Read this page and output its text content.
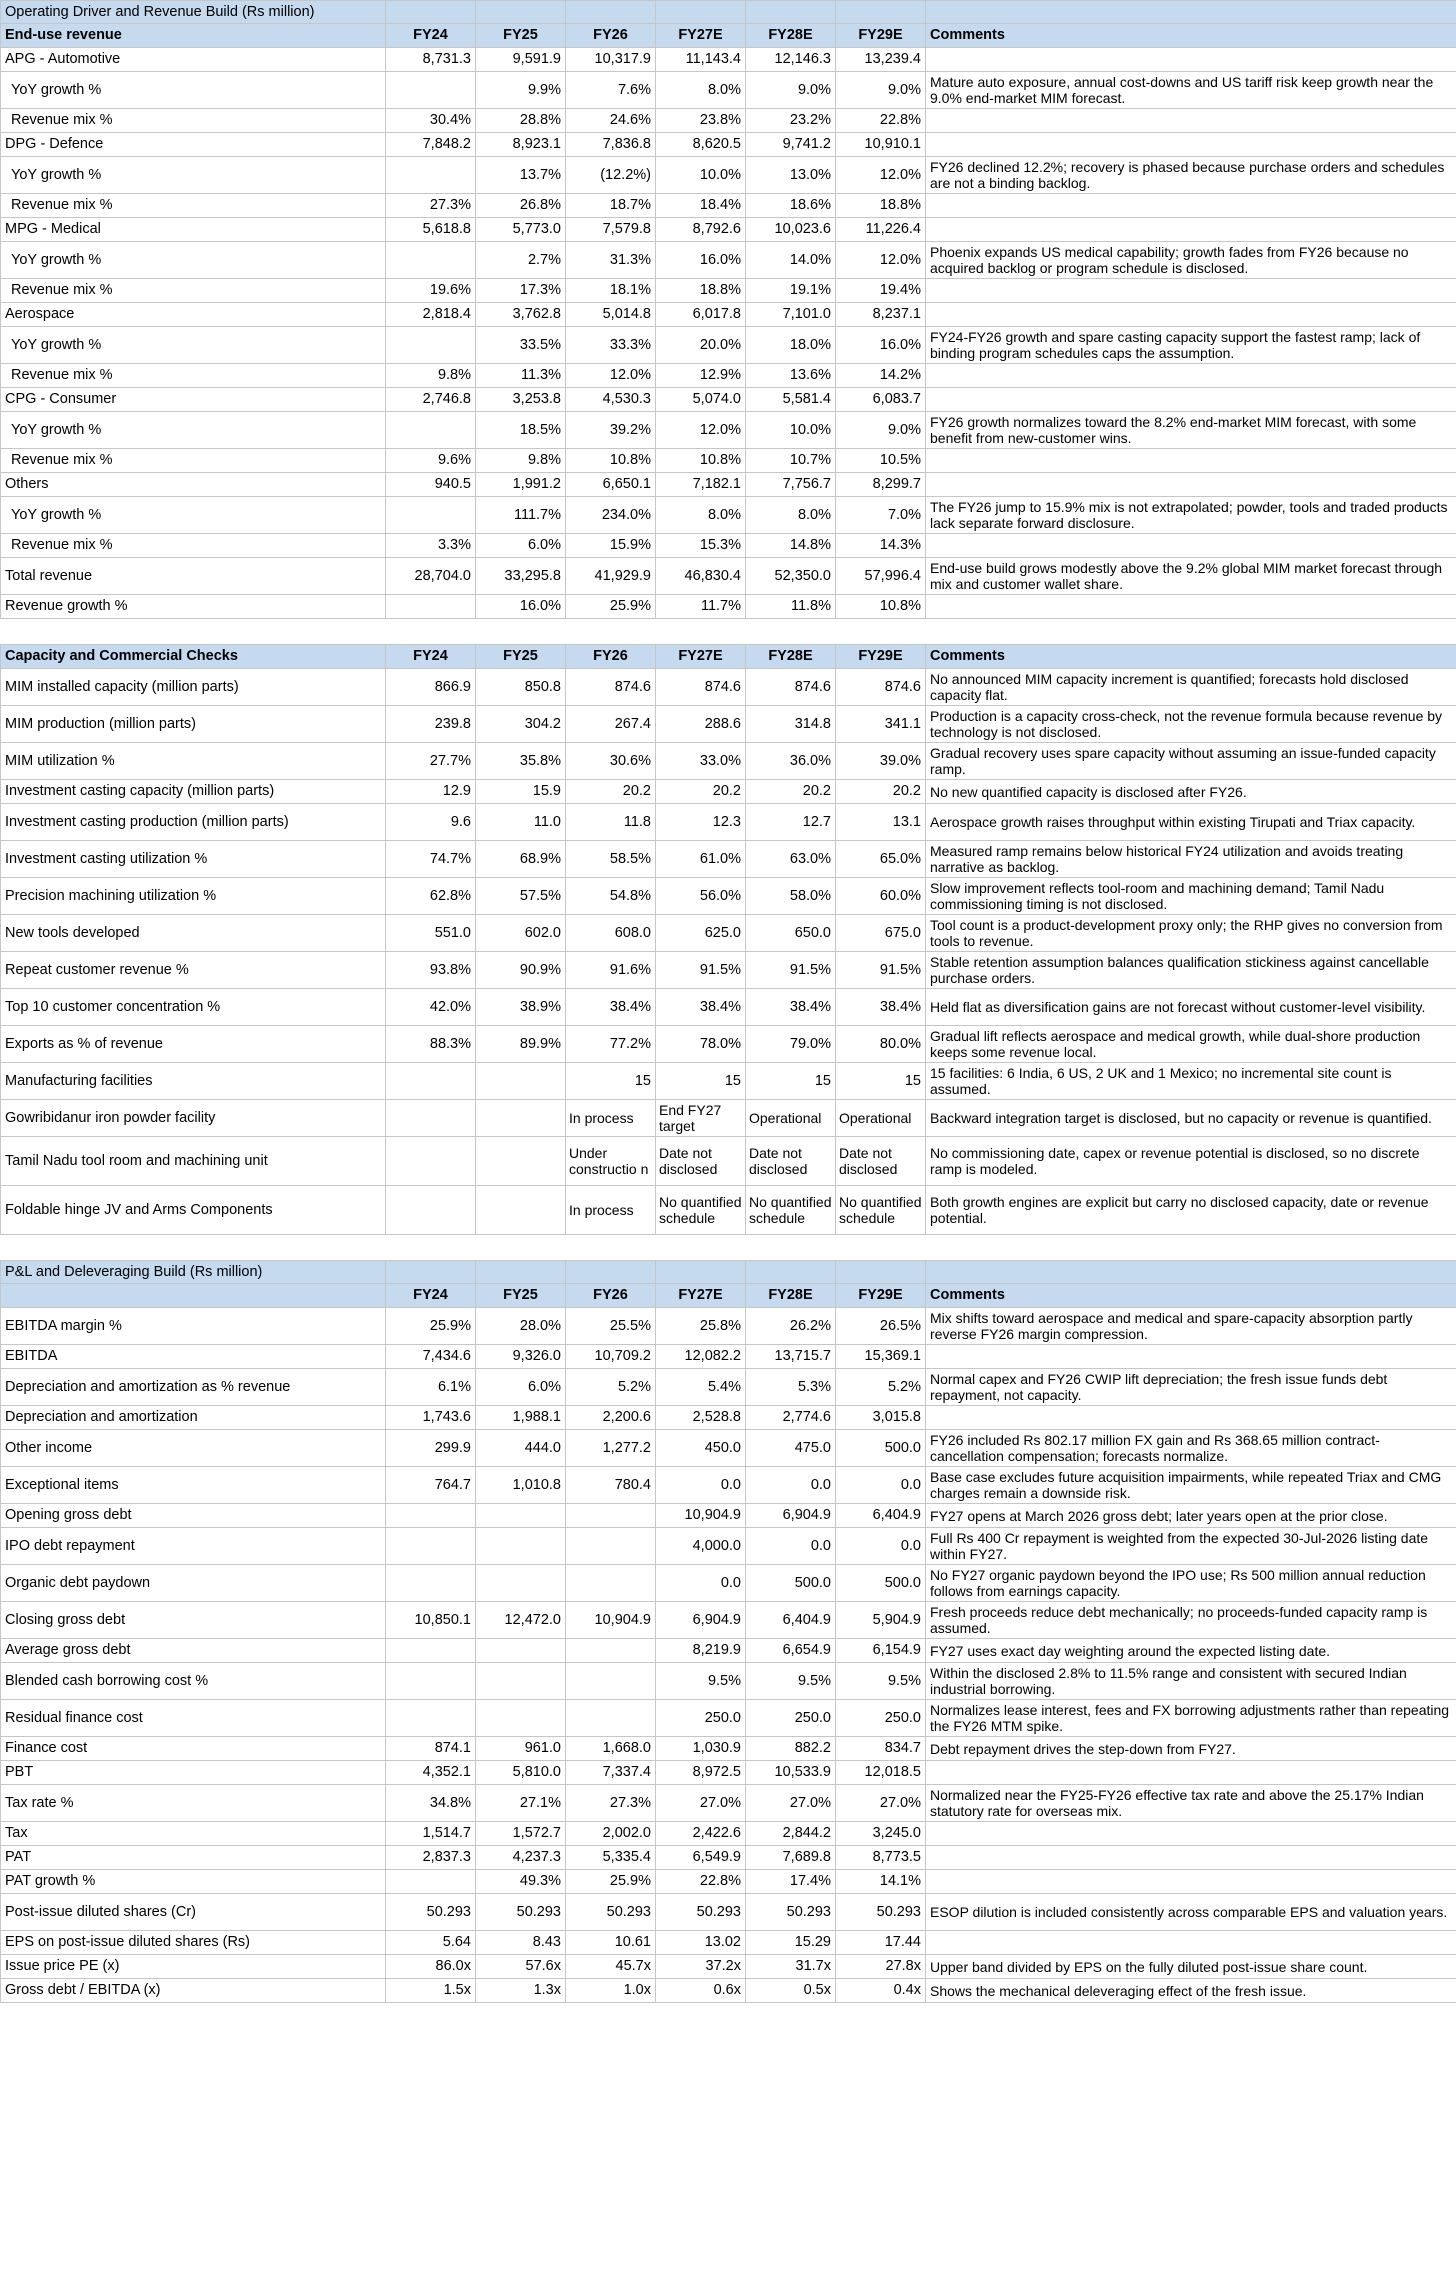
Operating Driver and Revenue Build (Rs million)							
End-use revenue	FY24	FY25	FY26	FY27E	FY28E	FY29E	Comments
APG - Automotive	8,731.3	9,591.9	10,317.9	11,143.4	12,146.3	13,239.4	
YoY growth %		9.9%	7.6%	8.0%	9.0%	9.0%	Mature auto exposure, annual cost-downs and US tariff risk keep growth near the 9.0% end-market MIM forecast.
Revenue mix %	30.4%	28.8%	24.6%	23.8%	23.2%	22.8%	
DPG - Defence	7,848.2	8,923.1	7,836.8	8,620.5	9,741.2	10,910.1	
YoY growth %		13.7%	(12.2%)	10.0%	13.0%	12.0%	FY26 declined 12.2%; recovery is phased because purchase orders and schedules are not a binding backlog.
Revenue mix %	27.3%	26.8%	18.7%	18.4%	18.6%	18.8%	
MPG - Medical	5,618.8	5,773.0	7,579.8	8,792.6	10,023.6	11,226.4	
YoY growth %		2.7%	31.3%	16.0%	14.0%	12.0%	Phoenix expands US medical capability; growth fades from FY26 because no acquired backlog or program schedule is disclosed.
Revenue mix %	19.6%	17.3%	18.1%	18.8%	19.1%	19.4%	
Aerospace	2,818.4	3,762.8	5,014.8	6,017.8	7,101.0	8,237.1	
YoY growth %		33.5%	33.3%	20.0%	18.0%	16.0%	FY24-FY26 growth and spare casting capacity support the fastest ramp; lack of binding program schedules caps the assumption.
Revenue mix %	9.8%	11.3%	12.0%	12.9%	13.6%	14.2%	
CPG - Consumer	2,746.8	3,253.8	4,530.3	5,074.0	5,581.4	6,083.7	
YoY growth %		18.5%	39.2%	12.0%	10.0%	9.0%	FY26 growth normalizes toward the 8.2% end-market MIM forecast, with some benefit from new-customer wins.
Revenue mix %	9.6%	9.8%	10.8%	10.8%	10.7%	10.5%	
Others	940.5	1,991.2	6,650.1	7,182.1	7,756.7	8,299.7	
YoY growth %		111.7%	234.0%	8.0%	8.0%	7.0%	The FY26 jump to 15.9% mix is not extrapolated; powder, tools and traded products lack separate forward disclosure.
Revenue mix %	3.3%	6.0%	15.9%	15.3%	14.8%	14.3%	
Total revenue	28,704.0	33,295.8	41,929.9	46,830.4	52,350.0	57,996.4	End-use build grows modestly above the 9.2% global MIM market forecast through mix and customer wallet share.
Revenue growth %		16.0%	25.9%	11.7%	11.8%	10.8%	

Capacity and Commercial Checks	FY24	FY25	FY26	FY27E	FY28E	FY29E	Comments
MIM installed capacity (million parts)	866.9	850.8	874.6	874.6	874.6	874.6	No announced MIM capacity increment is quantified; forecasts hold disclosed capacity flat.
MIM production (million parts)	239.8	304.2	267.4	288.6	314.8	341.1	Production is a capacity cross-check, not the revenue formula because revenue by technology is not disclosed.
MIM utilization %	27.7%	35.8%	30.6%	33.0%	36.0%	39.0%	Gradual recovery uses spare capacity without assuming an issue-funded capacity ramp.
Investment casting capacity (million parts)	12.9	15.9	20.2	20.2	20.2	20.2	No new quantified capacity is disclosed after FY26.
Investment casting production (million parts)	9.6	11.0	11.8	12.3	12.7	13.1	Aerospace growth raises throughput within existing Tirupati and Triax capacity.
Investment casting utilization %	74.7%	68.9%	58.5%	61.0%	63.0%	65.0%	Measured ramp remains below historical FY24 utilization and avoids treating narrative as backlog.
Precision machining utilization %	62.8%	57.5%	54.8%	56.0%	58.0%	60.0%	Slow improvement reflects tool-room and machining demand; Tamil Nadu commissioning timing is not disclosed.
New tools developed	551.0	602.0	608.0	625.0	650.0	675.0	Tool count is a product-development proxy only; the RHP gives no conversion from tools to revenue.
Repeat customer revenue %	93.8%	90.9%	91.6%	91.5%	91.5%	91.5%	Stable retention assumption balances qualification stickiness against cancellable purchase orders.
Top 10 customer concentration %	42.0%	38.9%	38.4%	38.4%	38.4%	38.4%	Held flat as diversification gains are not forecast without customer-level visibility.
Exports as % of revenue	88.3%	89.9%	77.2%	78.0%	79.0%	80.0%	Gradual lift reflects aerospace and medical growth, while dual-shore production keeps some revenue local.
Manufacturing facilities			15	15	15	15	15 facilities: 6 India, 6 US, 2 UK and 1 Mexico; no incremental site count is assumed.
Gowribidanur iron powder facility			In process	End FY27 target	Operational	Operational	Backward integration target is disclosed, but no capacity or revenue is quantified.
Tamil Nadu tool room and machining unit			Under constructio n	Date not disclosed	Date not disclosed	Date not disclosed	No commissioning date, capex or revenue potential is disclosed, so no discrete ramp is modeled.
Foldable hinge JV and Arms Components			In process	No quantified schedule	No quantified schedule	No quantified schedule	Both growth engines are explicit but carry no disclosed capacity, date or revenue potential.

P&L and Deleveraging Build (Rs million)							
	FY24	FY25	FY26	FY27E	FY28E	FY29E	Comments
EBITDA margin %	25.9%	28.0%	25.5%	25.8%	26.2%	26.5%	Mix shifts toward aerospace and medical and spare-capacity absorption partly reverse FY26 margin compression.
EBITDA	7,434.6	9,326.0	10,709.2	12,082.2	13,715.7	15,369.1	
Depreciation and amortization as % revenue	6.1%	6.0%	5.2%	5.4%	5.3%	5.2%	Normal capex and FY26 CWIP lift depreciation; the fresh issue funds debt repayment, not capacity.
Depreciation and amortization	1,743.6	1,988.1	2,200.6	2,528.8	2,774.6	3,015.8	
Other income	299.9	444.0	1,277.2	450.0	475.0	500.0	FY26 included Rs 802.17 million FX gain and Rs 368.65 million contract-cancellation compensation; forecasts normalize.
Exceptional items	764.7	1,010.8	780.4	0.0	0.0	0.0	Base case excludes future acquisition impairments, while repeated Triax and CMG charges remain a downside risk.
Opening gross debt				10,904.9	6,904.9	6,404.9	FY27 opens at March 2026 gross debt; later years open at the prior close.
IPO debt repayment				4,000.0	0.0	0.0	Full Rs 400 Cr repayment is weighted from the expected 30-Jul-2026 listing date within FY27.
Organic debt paydown				0.0	500.0	500.0	No FY27 organic paydown beyond the IPO use; Rs 500 million annual reduction follows from earnings capacity.
Closing gross debt	10,850.1	12,472.0	10,904.9	6,904.9	6,404.9	5,904.9	Fresh proceeds reduce debt mechanically; no proceeds-funded capacity ramp is assumed.
Average gross debt				8,219.9	6,654.9	6,154.9	FY27 uses exact day weighting around the expected listing date.
Blended cash borrowing cost %				9.5%	9.5%	9.5%	Within the disclosed 2.8% to 11.5% range and consistent with secured Indian industrial borrowing.
Residual finance cost				250.0	250.0	250.0	Normalizes lease interest, fees and FX borrowing adjustments rather than repeating the FY26 MTM spike.
Finance cost	874.1	961.0	1,668.0	1,030.9	882.2	834.7	Debt repayment drives the step-down from FY27.
PBT	4,352.1	5,810.0	7,337.4	8,972.5	10,533.9	12,018.5	
Tax rate %	34.8%	27.1%	27.3%	27.0%	27.0%	27.0%	Normalized near the FY25-FY26 effective tax rate and above the 25.17% Indian statutory rate for overseas mix.
Tax	1,514.7	1,572.7	2,002.0	2,422.6	2,844.2	3,245.0	
PAT	2,837.3	4,237.3	5,335.4	6,549.9	7,689.8	8,773.5	
PAT growth %		49.3%	25.9%	22.8%	17.4%	14.1%	
Post-issue diluted shares (Cr)	50.293	50.293	50.293	50.293	50.293	50.293	ESOP dilution is included consistently across comparable EPS and valuation years.
EPS on post-issue diluted shares (Rs)	5.64	8.43	10.61	13.02	15.29	17.44	
Issue price PE (x)	86.0x	57.6x	45.7x	37.2x	31.7x	27.8x	Upper band divided by EPS on the fully diluted post-issue share count.
Gross debt / EBITDA (x)	1.5x	1.3x	1.0x	0.6x	0.5x	0.4x	Shows the mechanical deleveraging effect of the fresh issue.
